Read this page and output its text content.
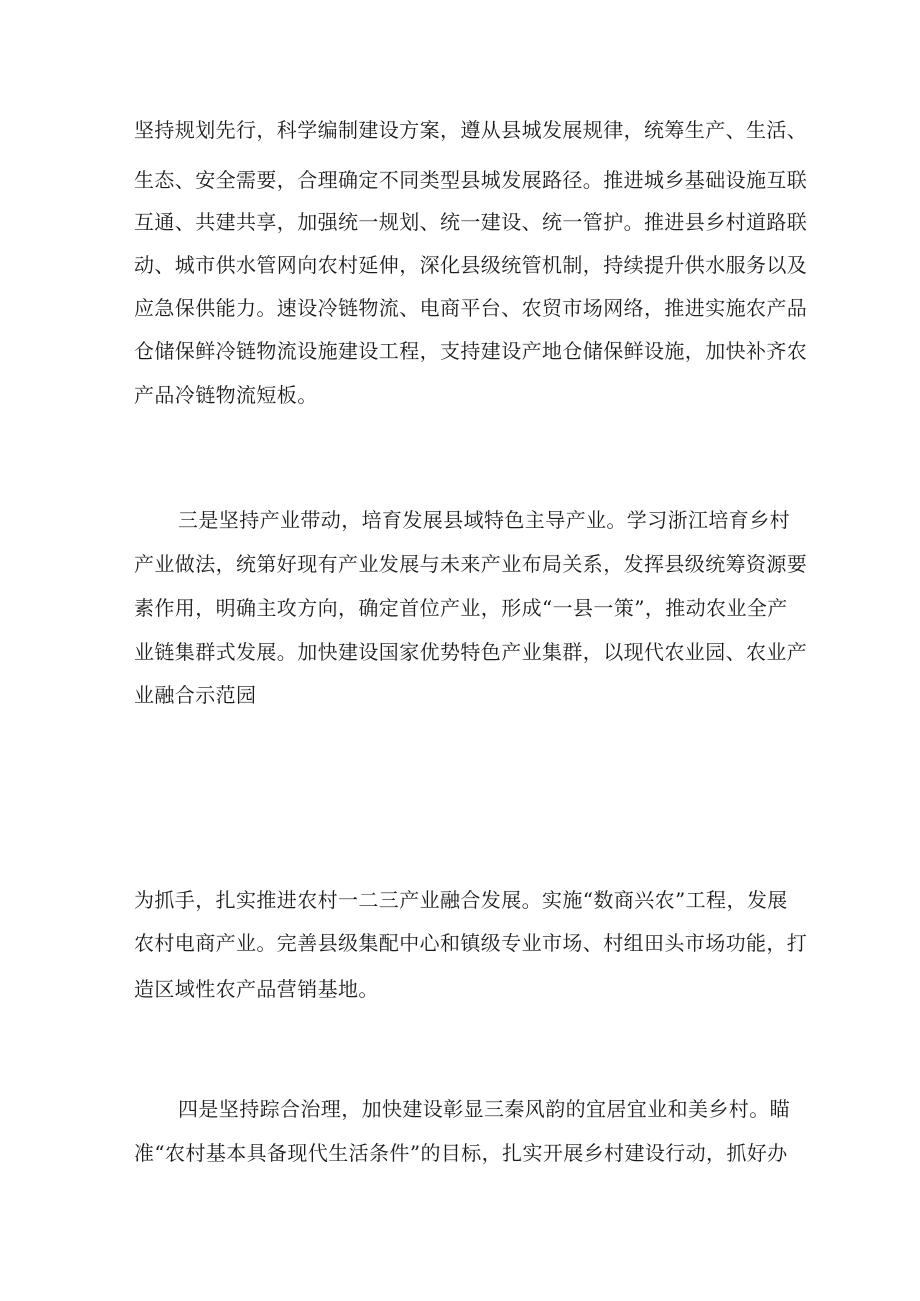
坚持规划先行，科学编制建设方案，遵从县城发展规律，统筹生产、生活、
生态、安全需要，合理确定不同类型县城发展路径。推进城乡基础设施互联
互通、共建共享，加强统一规划、统一建设、统一管护。推进县乡村道路联
动、城市供水管网向农村延伸，深化县级统管机制，持续提升供水服务以及
应急保供能力。速设冷链物流、电商平台、农贸市场网络，推进实施农产品
仓储保鲜冷链物流设施建设工程，支持建设产地仓储保鲜设施，加快补齐农
产品冷链物流短板。
三是坚持产业带动，培育发展县域特色主导产业。学习浙江培育乡村
产业做法，统第好现有产业发展与未来产业布局关系，发挥县级统筹资源要
素作用，明确主攻方向，确定首位产业，形成“一县一策”，推动农业全产
业链集群式发展。加快建设国家优势特色产业集群，以现代农业园、农业产
业融合示范园
为抓手，扎实推进农村一二三产业融合发展。实施“数商兴农”工程，发展
农村电商产业。完善县级集配中心和镇级专业市场、村组田头市场功能，打
造区域性农产品营销基地。
四是坚持踪合治理，加快建设彰显三秦风韵的宜居宜业和美乡村。瞄
准“农村基本具备现代生活条件”的目标，扎实开展乡村建设行动，抓好办
